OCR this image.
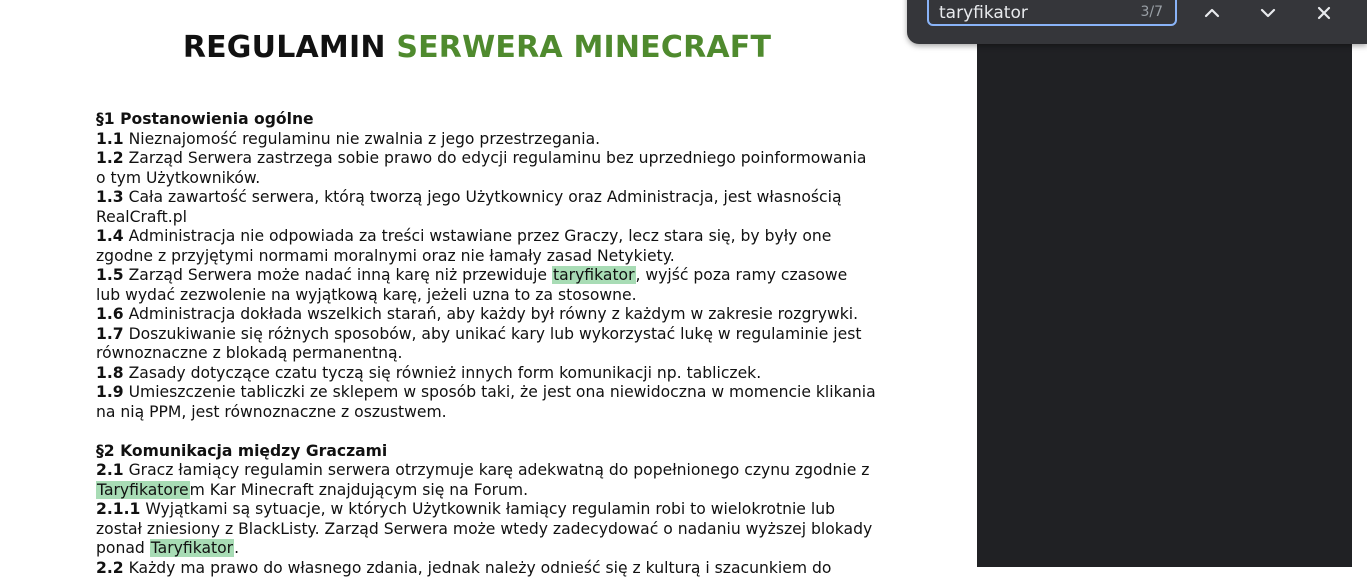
REGULAMIN SERWERA MINECRAFT
§1 Postanowienia ogólne
1.1 Nieznajomość regulaminu nie zwalnia z jego przestrzegania.
1.2 Zarząd Serwera zastrzega sobie prawo do edycji regulaminu bez uprzedniego poinformowania o tym Użytkowników.
1.3 Cała zawartość serwera, którą tworzą jego Użytkownicy oraz Administracja, jest własnością RealCraft.pl
1.4 Administracja nie odpowiada za treści wstawiane przez Graczy, lecz stara się, by były one zgodne z przyjętymi normami moralnymi oraz nie łamały zasad Netykiety.
1.5 Zarząd Serwera może nadać inną karę niż przewiduje taryfikator, wyjść poza ramy czasowe lub wydać zezwolenie na wyjątkową karę, jeżeli uzna to za stosowne.
1.6 Administracja dokłada wszelkich starań, aby każdy był równy z każdym w zakresie rozgrywki.
1.7 Doszukiwanie się różnych sposobów, aby unikać kary lub wykorzystać lukę w regulaminie jest równoznaczne z blokadą permanentną.
1.8 Zasady dotyczące czatu tyczą się również innych form komunikacji np. tabliczek.
1.9 Umieszczenie tabliczki ze sklepem w sposób taki, że jest ona niewidoczna w momencie klikania na nią PPM, jest równoznaczne z oszustwem.
§2 Komunikacja między Graczami
2.1 Gracz łamiący regulamin serwera otrzymuje karę adekwatną do popełnionego czynu zgodnie z Taryfikatorem Kar Minecraft znajdującym się na Forum.
2.1.1 Wyjątkami są sytuacje, w których Użytkownik łamiący regulamin robi to wielokrotnie lub został zniesiony z BlackListy. Zarząd Serwera może wtedy zadecydować o nadaniu wyższej blokady ponad Taryfikator.
2.2 Każdy ma prawo do własnego zdania, jednak należy odnieść się z kulturą i szacunkiem do
taryfikator
3/7
